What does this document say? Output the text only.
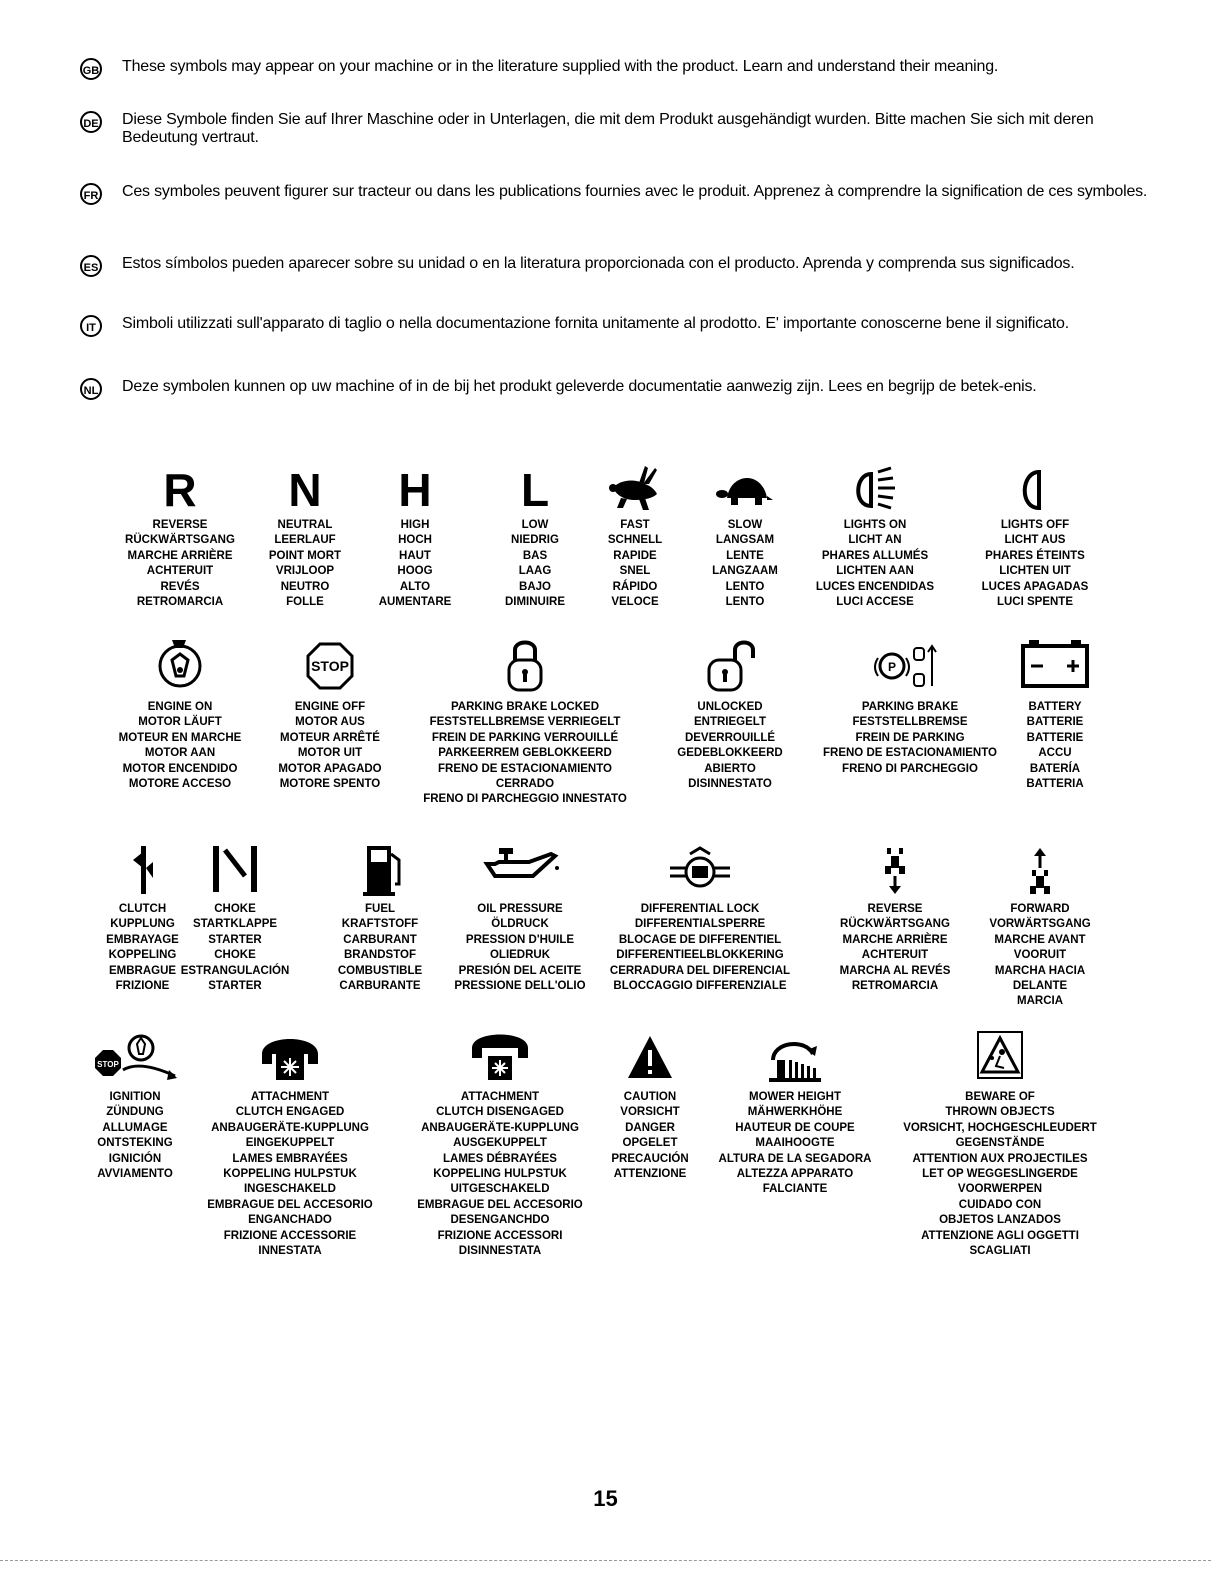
GB These symbols may appear on your machine or in the literature supplied with the product. Learn and understand their meaning.
DE Diese Symbole finden Sie auf Ihrer Maschine oder in Unterlagen, die mit dem Produkt ausgehändigt wurden. Bitte machen Sie sich mit deren Bedeutung vertraut.
FR Ces symboles peuvent figurer sur tracteur ou dans les publications fournies avec le produit. Apprenez à comprendre la signification de ces symboles.
ES Estos símbolos pueden aparecer sobre su unidad o en la literatura proporcionada con el producto. Aprenda y comprenda sus significados.
IT	Simboli utilizzati sull'apparato di taglio o nella documentazione fornita unitamente al prodotto. E' importante conoscerne bene il significato.
NL Deze symbolen kunnen op uw machine of in de bij het produkt geleverde documentatie aanwezig zijn. Lees en begrijp de betek-enis.
R
REVERSE
RÜCKWÄRTSGANG
MARCHE ARRIÈRE
ACHTERUIT
REVÉS
RETROMARCIA
N
NEUTRAL
LEERLAUF
POINT MORT
VRIJLOOP
NEUTRO
FOLLE
H
HIGH
HOCH
HAUT
HOOG
ALTO
AUMENTARE
L
LOW
NIEDRIG
BAS
LAAG
BAJO
DIMINUIRE
FAST
SCHNELL
RAPIDE
SNEL
RÁPIDO
VELOCE
SLOW
LANGSAM
LENTE
LANGZAAM
LENTO
LENTO
LIGHTS ON
LICHT AN
PHARES ALLUMÉS
LICHTEN AAN
LUCES ENCENDIDAS
LUCI ACCESE
LIGHTS OFF
LICHT AUS
PHARES ÉTEINTS
LICHTEN UIT
LUCES APAGADAS
LUCI SPENTE
ENGINE ON
MOTOR LÄUFT
MOTEUR EN MARCHE
MOTOR AAN
MOTOR ENCENDIDO
MOTORE ACCESO
STOP
ENGINE OFF
MOTOR AUS
MOTEUR ARRÊTÉ
MOTOR UIT
MOTOR APAGADO
MOTORE SPENTO
PARKING BRAKE LOCKED
FESTSTELLBREMSE VERRIEGELT
FREIN DE PARKING VERROUILLÉ
PARKEERREM GEBLOKKEERD
FRENO DE ESTACIONAMIENTO
CERRADO
FRENO DI PARCHEGGIO INNESTATO
UNLOCKED
ENTRIEGELT
DEVERROUILLÉ
GEDEBLOKKEERD
ABIERTO
DISINNESTATO
P
PARKING BRAKE
FESTSTELLBREMSE
FREIN DE PARKING
FRENO DE ESTACIONAMIENTO
FRENO DI PARCHEGGIO
BATTERY
BATTERIE
BATTERIE
ACCU
BATERÍA
BATTERIA
CLUTCH
KUPPLUNG
EMBRAYAGE
KOPPELING
EMBRAGUE
FRIZIONE
CHOKE
STARTKLAPPE
STARTER
CHOKE
ESTRANGULACIÓN
STARTER
FUEL
KRAFTSTOFF
CARBURANT
BRANDSTOF
COMBUSTIBLE
CARBURANTE
OIL PRESSURE
ÖLDRUCK
PRESSION D'HUILE
OLIEDRUK
PRESIÓN DEL ACEITE
PRESSIONE DELL'OLIO
DIFFERENTIAL LOCK
DIFFERENTIALSPERRE
BLOCAGE DE DIFFERENTIEL
DIFFERENTIEELBLOKKERING
CERRADURA DEL DIFERENCIAL
BLOCCAGGIO DIFFERENZIALE
REVERSE
RÜCKWÄRTSGANG
MARCHE ARRIÈRE
ACHTERUIT
MARCHA AL REVÉS
RETROMARCIA
FORWARD
VORWÄRTSGANG
MARCHE AVANT
VOORUIT
MARCHA HACIA
DELANTE
MARCIA
STOP
IGNITION
ZÜNDUNG
ALLUMAGE
ONTSTEKING
IGNICIÓN
AVVIAMENTO
ATTACHMENT
CLUTCH ENGAGED
ANBAUGERÄTE-KUPPLUNG
EINGEKUPPELT
LAMES EMBRAYÉES
KOPPELING HULPSTUK
INGESCHAKELD
EMBRAGUE DEL ACCESORIO
ENGANCHADO
FRIZIONE ACCESSORIE
INNESTATA
ATTACHMENT
CLUTCH DISENGAGED
ANBAUGERÄTE-KUPPLUNG
AUSGEKUPPELT
LAMES DÉBRAYÉES
KOPPELING HULPSTUK
UITGESCHAKELD
EMBRAGUE DEL ACCESORIO
DESENGANCHDO
FRIZIONE ACCESSORI
DISINNESTATA
CAUTION
VORSICHT
DANGER
OPGELET
PRECAUCIÓN
ATTENZIONE
MOWER HEIGHT
MÄHWERKHÖHE
HAUTEUR DE COUPE
MAAIHOOGTE
ALTURA DE LA SEGADORA
ALTEZZA APPARATO
FALCIANTE
BEWARE OF
THROWN OBJECTS
VORSICHT, HOCHGESCHLEUDERT
GEGENSTÄNDE
ATTENTION AUX PROJECTILES
LET OP WEGGESLINGERDE
VOORWERPEN
CUIDADO CON
OBJETOS LANZADOS
ATTENZIONE AGLI OGGETTI
SCAGLIATI
15
